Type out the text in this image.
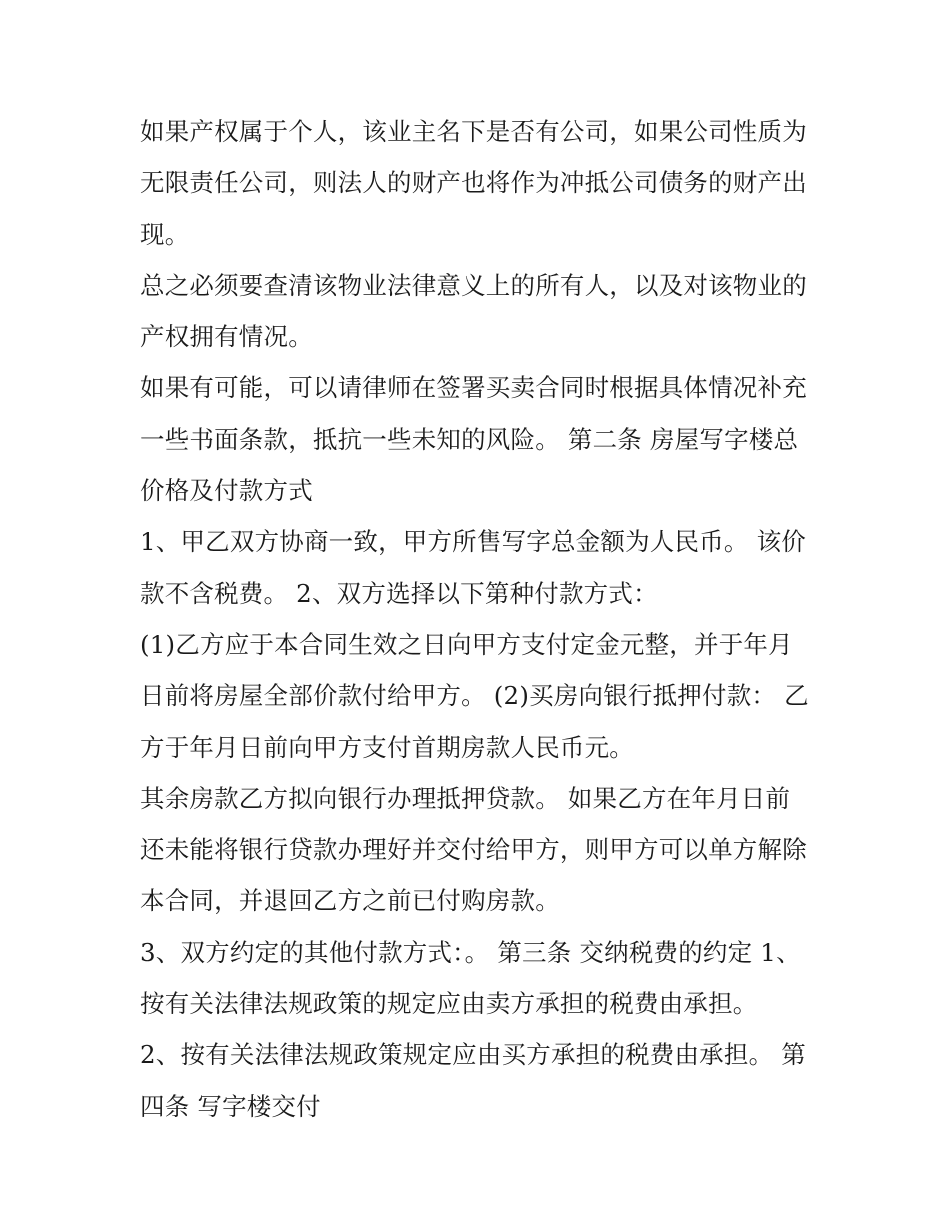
如果产权属于个人，该业主名下是否有公司，如果公司性质为
无限责任公司，则法人的财产也将作为冲抵公司债务的财产出
现。
总之必须要查清该物业法律意义上的所有人，以及对该物业的
产权拥有情况。
如果有可能，可以请律师在签署买卖合同时根据具体情况补充
一些书面条款，抵抗一些未知的风险。 第二条 房屋写字楼总
价格及付款方式
1、甲乙双方协商一致，甲方所售写字总金额为人民币。 该价
款不含税费。 2、双方选择以下第种付款方式：
(1)乙方应于本合同生效之日向甲方支付定金元整，并于年月
日前将房屋全部价款付给甲方。 (2)买房向银行抵押付款： 乙
方于年月日前向甲方支付首期房款人民币元。
其余房款乙方拟向银行办理抵押贷款。 如果乙方在年月日前
还未能将银行贷款办理好并交付给甲方，则甲方可以单方解除
本合同，并退回乙方之前已付购房款。
3、双方约定的其他付款方式：。 第三条 交纳税费的约定 1、
按有关法律法规政策的规定应由卖方承担的税费由承担。
2、按有关法律法规政策规定应由买方承担的税费由承担。 第
四条 写字楼交付
